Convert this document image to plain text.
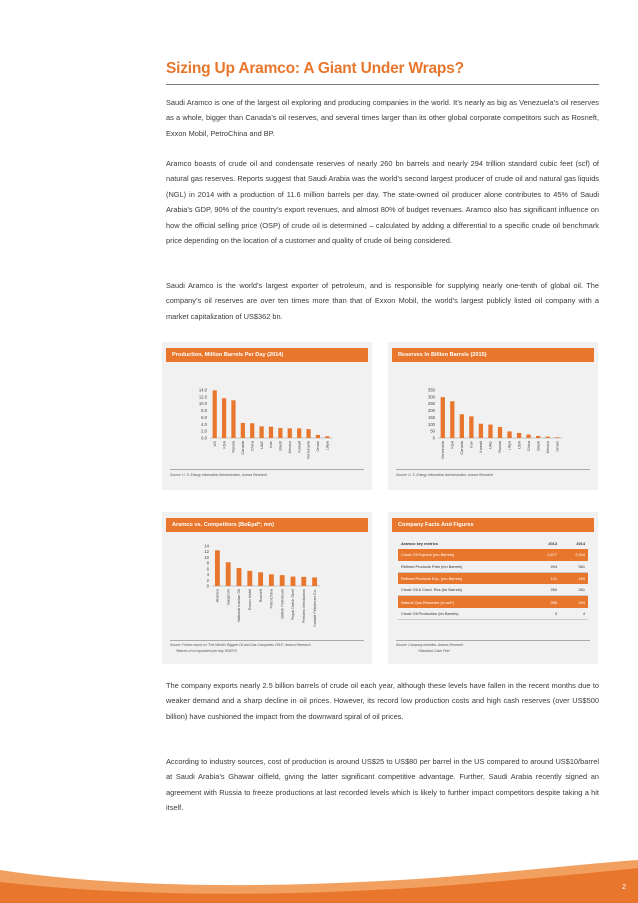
Sizing Up Aramco: A Giant Under Wraps?

Saudi Aramco is one of the largest oil exploring and producing companies in the world. It’s nearly as big as Venezuela’s oil reserves as a whole, bigger than Canada’s oil reserves, and several times larger than its other global corporate competitors such as Rosneft, Exxon Mobil, PetroChina and BP.

Aramco boasts of crude oil and condensate reserves of nearly 260 bn barrels and nearly 294 trillion standard cubic feet (scf) of natural gas reserves. Reports suggest that Saudi Arabia was the world’s second largest producer of crude oil and natural gas liquids (NGL) in 2014 with a production of 11.6 million barrels per day. The state-owned oil producer alone contributes to 45% of Saudi Arabia’s GDP, 90% of the country’s export revenues, and almost 80% of budget revenues. Aramco also has significant influence on how the official selling price (OSP) of crude oil is determined – calculated by adding a differential to a specific crude oil benchmark price depending on the location of a customer and quality of crude oil being considered.

Saudi Aramco is the world’s largest exporter of petroleum, and is responsible for supplying nearly one-tenth of global oil. The company’s oil reserves are over ten times more than that of Exxon Mobil, the world’s largest publicly listed oil company with a market capitalization of US$362 bn.

Production, Million Barrels Per Day (2014)
0.0
2.0
4.0
6.0
8.0
10.0
12.0
14.0
US KSA Russia Canada China UAE Iran Brazil Mexico Kuwait Venezuela Oman Libya
Source: U. S. Energy Information Administration, Aranca Research
Reserves In Billion Barrels (2015)
0
50
100
150
200
250
300
350
Venezuela KSA Canada Iran Kuwait UAE Russia Libya USA China Brazil Mexico Oman
Source: U. S. Energy Information Administration, Aranca Research
Aramco vs. Competitors (BoEpd*; mn)
0
2
4
6
8
10
12
14
Aramco Gazprom National Iranian Oil Exxon Mobil Rosneft PetroChina British Petroleum Royal Dutch Shell Petroleo Mexicanos Kuwait Petroleum Co.
Source: Forbes report on “The World’s Biggest Oil and Gas Companies 2015”, Aranca Research
*Barrels of oil equivalent per day: BOEPD
Company Facts And Figures
Aramco key metrics	2013	2014
Crude Oil Exports (mn Barrels)	2,677	2,544
Refined Products Pdtn (mn Barrels)	494	561
Refined Products Exp. (mn Barrels)	121	169
Crude Oil & Cond. Res (bn Barrels)	260	261
Natural Gas Reserves (tn scf*)	285	294
Crude Oil Production (bn Barrels)	3	4
Source: Company websites, Aranca Research
*Standard Cubic Feet

The company exports nearly 2.5 billion barrels of crude oil each year, although these levels have fallen in the recent months due to weaker demand and a sharp decline in oil prices. However, its record low production costs and high cash reserves (over US$500 billion) have cushioned the impact from the downward spiral of oil prices.

According to industry sources, cost of production is around US$25 to US$80 per barrel in the US compared to around US$10/barrel at Saudi Arabia’s Ghawar oilfield, giving the latter significant competitive advantage. Further, Saudi Arabia recently signed an agreement with Russia to freeze productions at last recorded levels which is likely to further impact competitors despite taking a hit itself.

2
